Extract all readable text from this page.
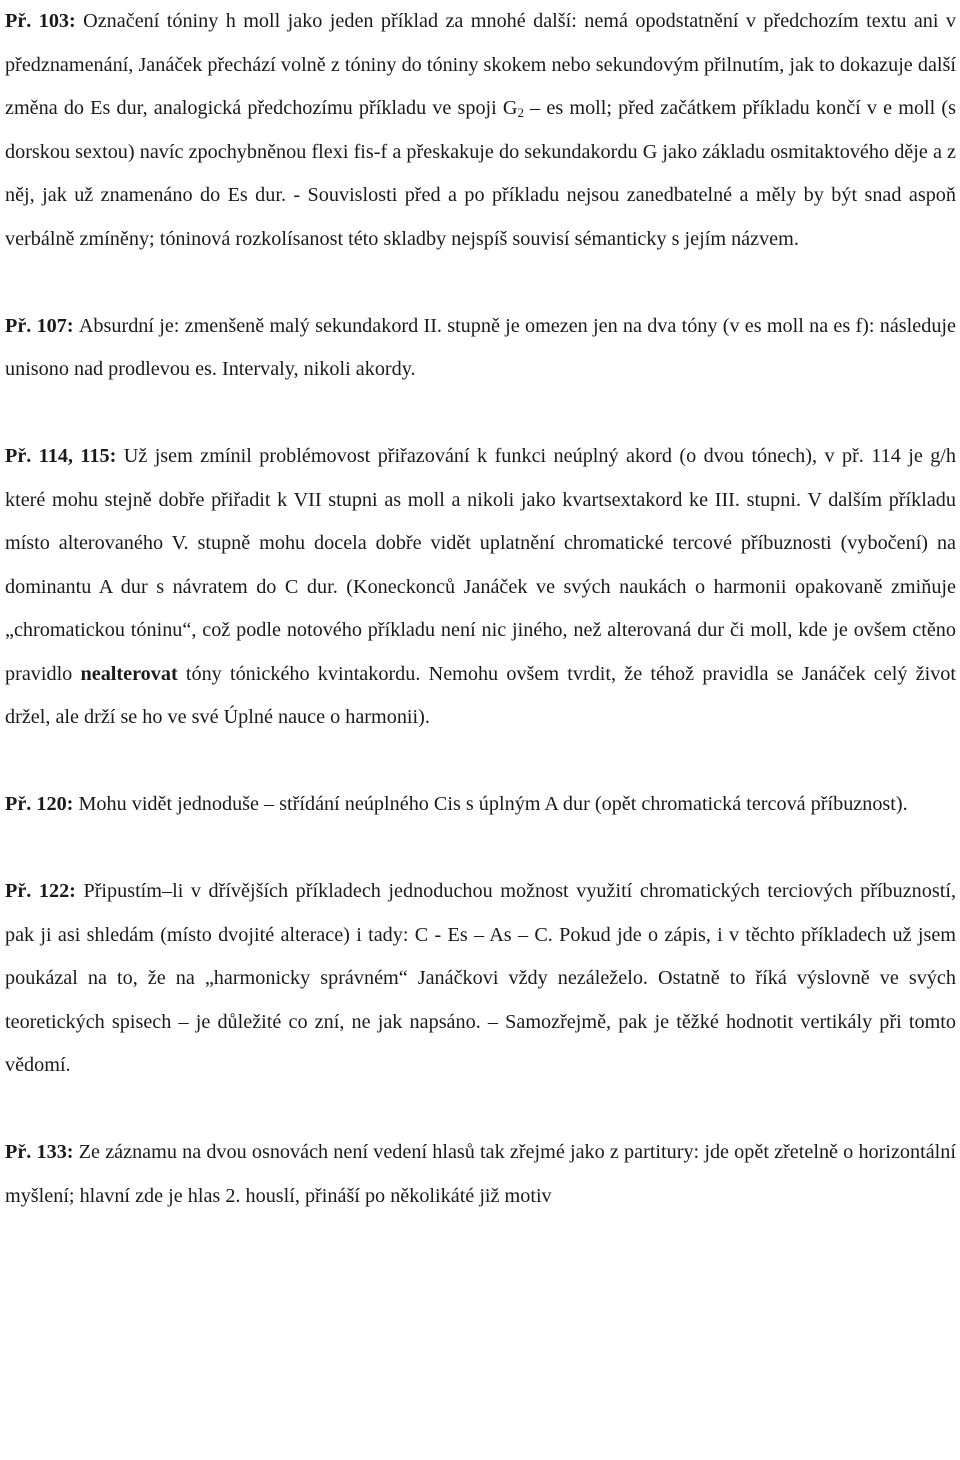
Př. 103: Označení tóniny h moll jako jeden příklad za mnohé další: nemá opodstatnění v předchozím textu ani v předznamenání, Janáček přechází volně z tóniny do tóniny skokem nebo sekundovým přilnutím, jak to dokazuje další změna do Es dur, analogická předchozímu příkladu ve spoji $G_2$ – es moll; před začátkem příkladu končí v e moll (s dorskou sextou) navíc zpochybněnou flexi fis-f a přeskakuje do sekundakordu G jako základu osmitaktového děje a z něj, jak už znamenáno do Es dur. - Souvislosti před a po příkladu nejsou zanedbatelné a měly by být snad aspoň verbálně zmíněny; tóninová rozkolísanost této skladby nejspíš souvisí sémanticky s jejím názvem.

Př. 107: Absurdní je: zmenšeně malý sekundakord II. stupně je omezen jen na dva tóny (v es moll na es f): následuje unisono nad prodlevou es. Intervaly, nikoli akordy.

Př. 114, 115: Už jsem zmínil problémovost přiřazování k funkci neúplný akord (o dvou tónech), v př. 114 je g/h které mohu stejně dobře přiřadit k VII stupni as moll a nikoli jako kvartsextakord ke III. stupni. V dalším příkladu místo alterovaného V. stupně mohu docela dobře vidět uplatnění chromatické tercové příbuznosti (vybočení) na dominantu A dur s návratem do C dur. (Koneckonců Janáček ve svých naukách o harmonii opakovaně zmiňuje „chromatickou tóninu“, což podle notového příkladu není nic jiného, než alterovaná dur či moll, kde je ovšem ctěno pravidlo nealterovat tóny tónického kvintakordu. Nemohu ovšem tvrdit, že téhož pravidla se Janáček celý život držel, ale drží se ho ve své Úplné nauce o harmonii).

Př. 120: Mohu vidět jednoduše – střídání neúplného Cis s úplným A dur (opět chromatická tercová příbuznost).

Př. 122: Připustím–li v dřívějších příkladech jednoduchou možnost využití chromatických terciových příbuzností, pak ji asi shledám (místo dvojité alterace) i tady: C - Es – As – C. Pokud jde o zápis, i v těchto příkladech už jsem poukázal na to, že na „harmonicky správném“ Janáčkovi vždy nezáleželo. Ostatně to říká výslovně ve svých teoretických spisech – je důležité co zní, ne jak napsáno. – Samozřejmě, pak je těžké hodnotit vertikály při tomto vědomí.

Př. 133: Ze záznamu na dvou osnovách není vedení hlasů tak zřejmé jako z partitury: jde opět zřetelně o horizontální myšlení; hlavní zde je hlas 2. houslí, přináší po několikáté již motiv
